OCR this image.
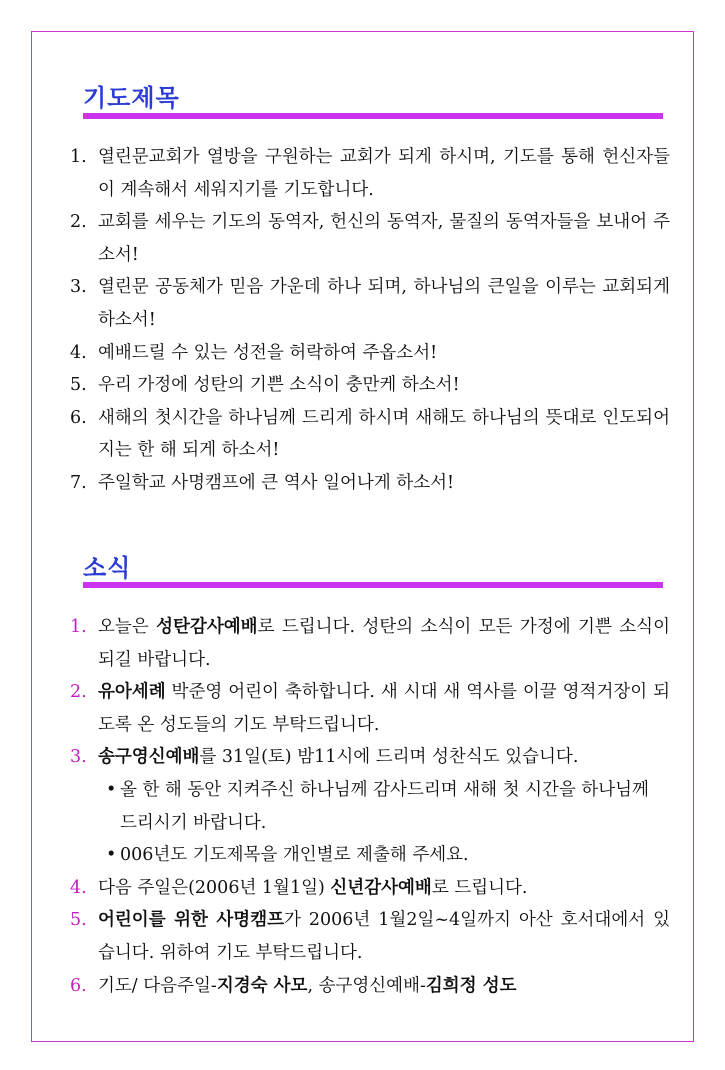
기도제목
1. 열린문교회가 열방을 구원하는 교회가 되게 하시며, 기도를 통해 헌신자들이 계속해서 세워지기를 기도합니다.
2. 교회를 세우는 기도의 동역자, 헌신의 동역자, 물질의 동역자들을 보내어 주소서!
3. 열린문 공동체가 믿음 가운데 하나 되며, 하나님의 큰일을 이루는 교회되게 하소서!
4. 예배드릴 수 있는 성전을 허락하여 주옵소서!
5. 우리 가정에 성탄의 기쁜 소식이 충만케 하소서!
6. 새해의 첫시간을 하나님께 드리게 하시며 새해도 하나님의 뜻대로 인도되어지는 한 해 되게 하소서!
7. 주일학교 사명캠프에 큰 역사 일어나게 하소서!
소식
1. 오늘은 성탄감사예배로 드립니다. 성탄의 소식이 모든 가정에 기쁜 소식이 되길 바랍니다.
2. 유아세례 박준영 어린이 축하합니다. 새 시대 새 역사를 이끌 영적거장이 되도록 온 성도들의 기도 부탁드립니다.
3. 송구영신예배를 31일(토) 밤11시에 드리며 성찬식도 있습니다.
• 올 한 해 동안 지켜주신 하나님께 감사드리며 새해 첫 시간을 하나님께 드리시기 바랍니다.
• 006년도 기도제목을 개인별로 제출해 주세요.
4. 다음 주일은(2006년 1월1일) 신년감사예배로 드립니다.
5. 어린이를 위한 사명캠프가 2006년 1월2일~4일까지 아산 호서대에서 있습니다. 위하여 기도 부탁드립니다.
6. 기도/ 다음주일-지경숙 사모, 송구영신예배-김희정 성도
